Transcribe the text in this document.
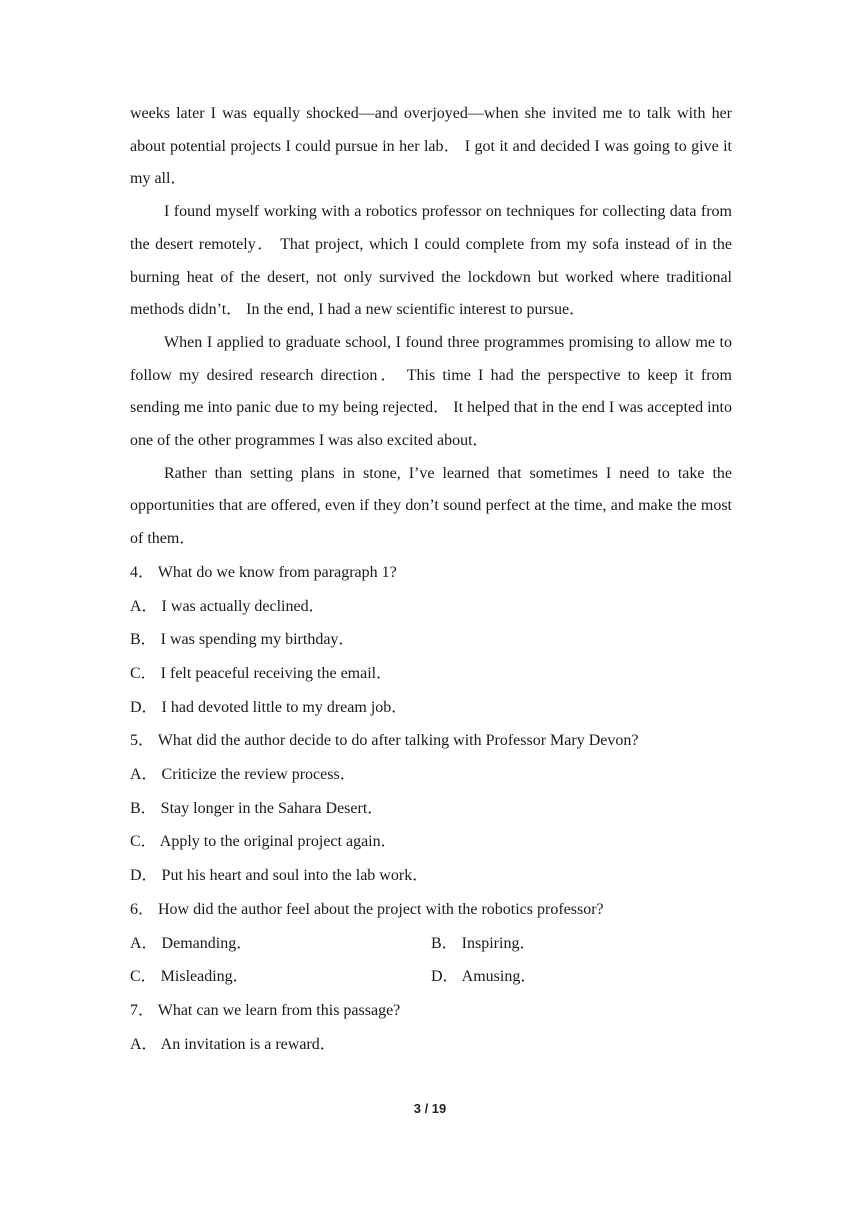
weeks later I was equally shocked—and overjoyed—when she invited me to talk with her about potential projects I could pursue in her lab． I got it and decided I was going to give it my all．

I found myself working with a robotics professor on techniques for collecting data from the desert remotely． That project, which I could complete from my sofa instead of in the burning heat of the desert, not only survived the lockdown but worked where traditional methods didn’t． In the end, I had a new scientific interest to pursue．

When I applied to graduate school, I found three programmes promising to allow me to follow my desired research direction． This time I had the perspective to keep it from sending me into panic due to my being rejected． It helped that in the end I was accepted into one of the other programmes I was also excited about．

Rather than setting plans in stone, I’ve learned that sometimes I need to take the opportunities that are offered, even if they don’t sound perfect at the time, and make the most of them．

4． What do we know from paragraph 1?

A． I was actually declined．

B． I was spending my birthday．

C． I felt peaceful receiving the email．

D． I had devoted little to my dream job．

5． What did the author decide to do after talking with Professor Mary Devon?

A． Criticize the review process．

B． Stay longer in the Sahara Desert．

C． Apply to the original project again．

D． Put his heart and soul into the lab work．

6． How did the author feel about the project with the robotics professor?

A． Demanding．	B． Inspiring．
C． Misleading．	D． Amusing．

7． What can we learn from this passage?

A． An invitation is a reward．

3 / 19
